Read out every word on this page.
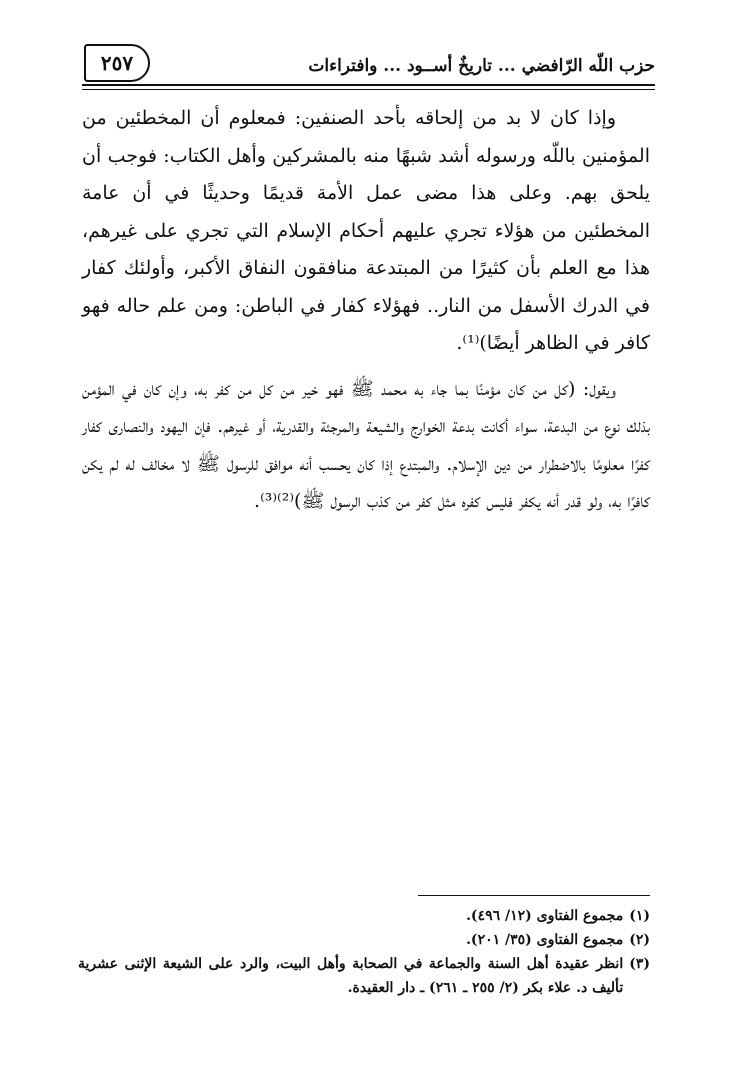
٢٥٧	حزب اللّه الرّافضي ... تاريخٌ أســود ... وافتراءات

وإذا كان لا بد من إلحاقه بأحد الصنفين: فمعلوم أن المخطئين من المؤمنين باللّه ورسوله أشد شبهًا منه بالمشركين وأهل الكتاب: فوجب أن يلحق بهم. وعلى هذا مضى عمل الأمة قديمًا وحديثًا في أن عامة المخطئين من هؤلاء تجري عليهم أحكام الإسلام التي تجري على غيرهم، هذا مع العلم بأن كثيرًا من المبتدعة منافقون النفاق الأكبر، وأولئك كفار في الدرك الأسفل من النار.. فهؤلاء كفار في الباطن: ومن علم حاله فهو كافر في الظاهر أيضًا)⁽¹⁾.

ويقول: (كل من كان مؤمنًا بما جاء به محمد ﷺ فهو خير من كل من كفر به، وإن كان في المؤمن بذلك نوع من البدعة، سواء أكانت بدعة الخوارج والشيعة والمرجئة والقدرية، أو غيرهم. فإن اليهود والنصارى كفار كفرًا معلومًا بالاضطرار من دين الإسلام. والمبتدع إذا كان يحسب أنه موافق للرسول ﷺ لا مخالف له لم يكن كافرًا به، ولو قدر أنه يكفر فليس كفره مثل كفر من كذب الرسول ﷺ)⁽²⁾⁽³⁾.

(١)
مجموع الفتاوى (١٢/ ٤٩٦).
(٢)
مجموع الفتاوى (٣٥/ ٢٠١).
(٣)
انظر عقيدة أهل السنة والجماعة في الصحابة وأهل البيت، والرد على الشيعة الإثنى عشرية تأليف د. علاء بكر (٢/ ٢٥٥ ـ ٢٦١) ـ دار العقيدة.
